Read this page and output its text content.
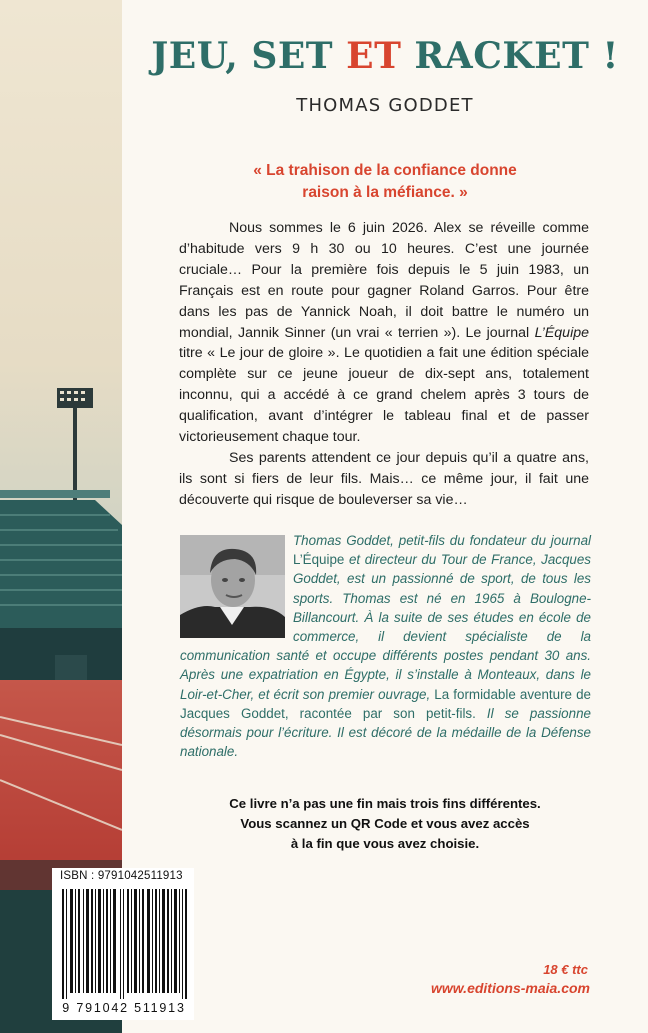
JEU, SET ET RACKET !
THOMAS GODDET
« La trahison de la confiance donne
raison à la méfiance. »

Nous sommes le 6 juin 2026. Alex se réveille comme d’habitude vers 9 h 30 ou 10 heures. C’est une journée cruciale… Pour la première fois depuis le 5 juin 1983, un Français est en route pour gagner Roland Garros. Pour être dans les pas de Yannick Noah, il doit battre le numéro un mondial, Jannik Sinner (un vrai « terrien »). Le journal L’Équipe titre « Le jour de gloire ». Le quotidien a fait une édition spéciale complète sur ce jeune joueur de dix-sept ans, totalement inconnu, qui a accédé à ce grand chelem après 3 tours de qualification, avant d’intégrer le tableau final et de passer victorieusement chaque tour.

Ses parents attendent ce jour depuis qu’il a quatre ans, ils sont si fiers de leur fils. Mais… ce même jour, il fait une découverte qui risque de bouleverser sa vie…

Thomas Goddet, petit-fils du fondateur du journal L’Équipe et directeur du Tour de France, Jacques Goddet, est un passionné de sport, de tous les sports. Thomas est né en 1965 à Boulogne-Billancourt. À la suite de ses études en école de commerce, il devient spécialiste de la communication santé et occupe différents postes pendant 30 ans. Après une expatriation en Égypte, il s’installe à Monteaux, dans le Loir-et-Cher, et écrit son premier ouvrage, La formidable aventure de Jacques Goddet, racontée par son petit-fils. Il se passionne désormais pour l’écriture. Il est décoré de la médaille de la Défense nationale.
Ce livre n’a pas une fin mais trois fins différentes.
Vous scannez un QR Code et vous avez accès
à la fin que vous avez choisie.
ISBN : 9791042511913
9 791042 511913
18 € ttc
www.editions-maia.com
